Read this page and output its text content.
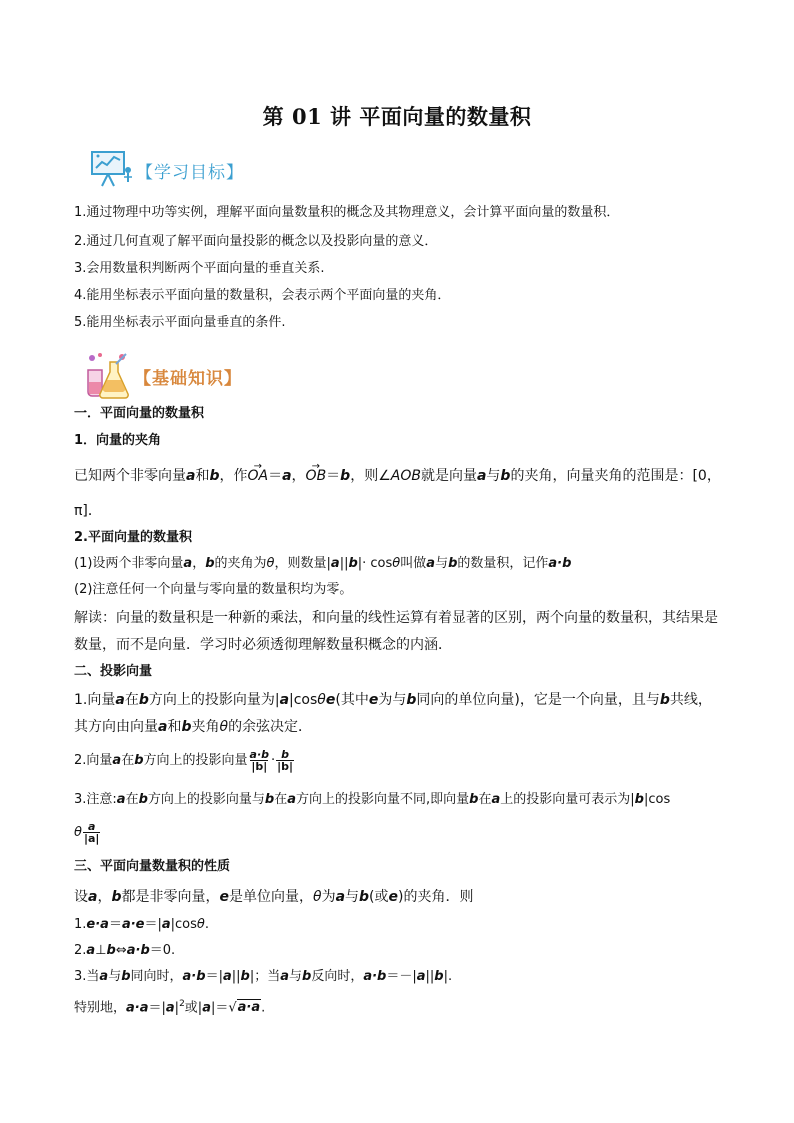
第 01 讲 平面向量的数量积
【学习目标】
1.通过物理中功等实例，理解平面向量数量积的概念及其物理意义，会计算平面向量的数量积．
2.通过几何直观了解平面向量投影的概念以及投影向量的意义．
3.会用数量积判断两个平面向量的垂直关系.
4.能用坐标表示平面向量的数量积，会表示两个平面向量的夹角．
5.能用坐标表示平面向量垂直的条件.
【基础知识】
一．平面向量的数量积
1．向量的夹角
已知两个非零向量a和b，作→ OA＝a，→ OB＝b，则∠AOB就是向量a与b的夹角，向量夹角的范围是：[0，
π]．
2.平面向量的数量积
(1)设两个非零向量a，b的夹角为θ，则数量|a||b|· cosθ叫做a与b的数量积，记作a·b
(2)注意任何一个向量与零向量的数量积均为零。
解读：向量的数量积是一种新的乘法，和向量的线性运算有着显著的区别，两个向量的数量积，其结果是
数量，而不是向量．学习时必须透彻理解数量积概念的内涵．
二、投影向量
1.向量a在b方向上的投影向量为|a|cosθe(其中e为与b同向的单位向量)，它是一个向量，且与b共线，
其方向由向量a和b夹角θ的余弦决定．
2.向量a在b方向上的投影向量 $\frac{a\cdot b}{|b|} \cdot \frac{b}{|b|}$
3.注意:a在b方向上的投影向量与b在a方向上的投影向量不同,即向量b在a上的投影向量可表示为|b|cos
θ $\frac{a}{|a|}$
三、平面向量数量积的性质
设a，b都是非零向量，e是单位向量，θ为a与b(或e)的夹角．则
1.e·a＝a·e＝|a|cosθ.
2.a⊥b⇔a·b＝0.
3.当a与b同向时，a·b＝|a||b|；当a与b反向时，a·b＝－|a||b|.
特别地，$a\cdot a=|a|^2$或|a|＝√a·a.
